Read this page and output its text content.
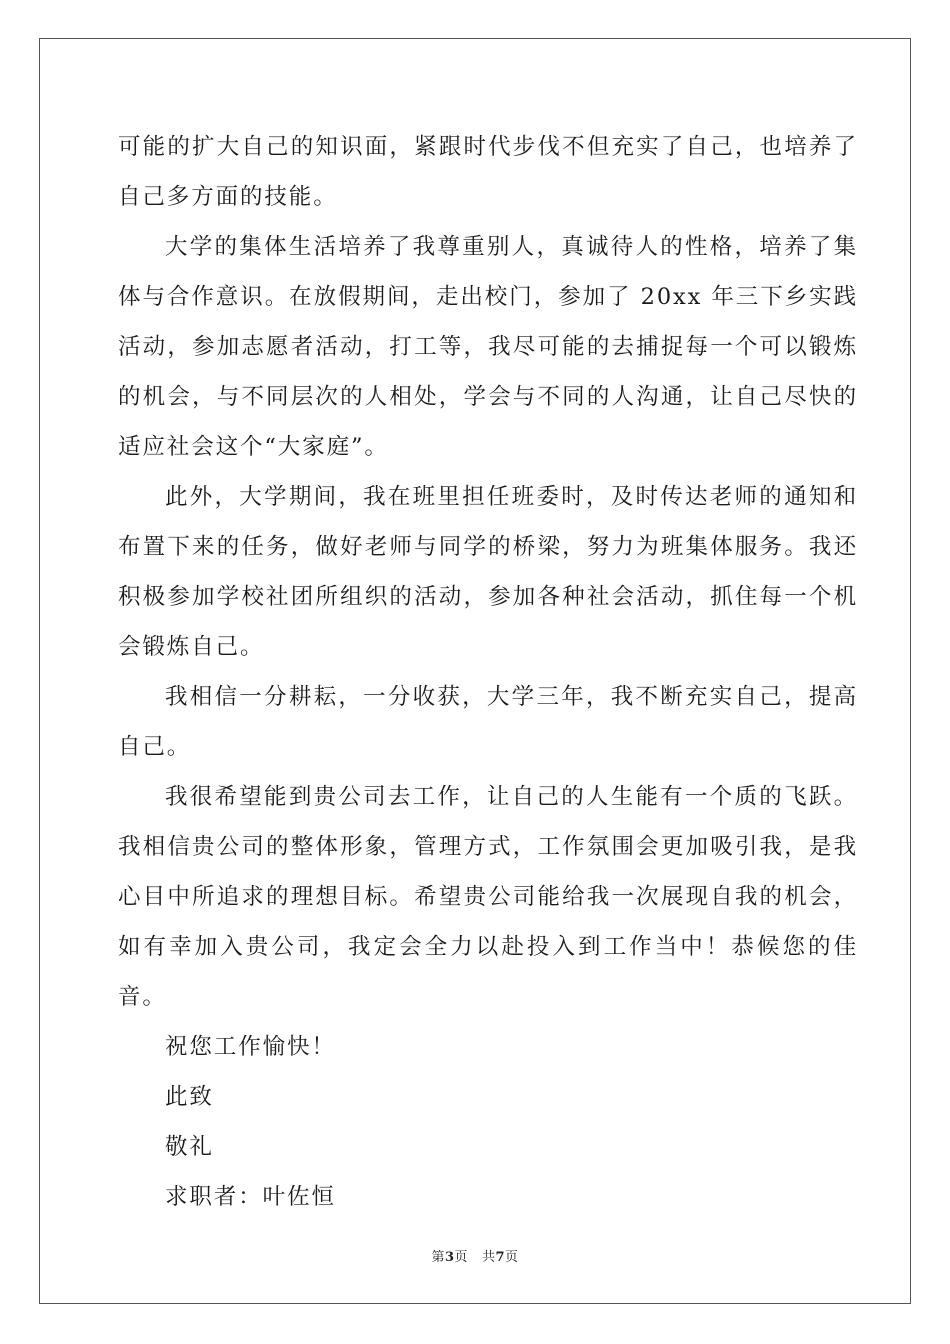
可能的扩大自己的知识面，紧跟时代步伐不但充实了自己，也培养了自己多方面的技能。

大学的集体生活培养了我尊重别人，真诚待人的性格，培养了集体与合作意识。在放假期间，走出校门，参加了 20xx 年三下乡实践活动，参加志愿者活动，打工等，我尽可能的去捕捉每一个可以锻炼的机会，与不同层次的人相处，学会与不同的人沟通，让自己尽快的适应社会这个“大家庭”。

此外，大学期间，我在班里担任班委时，及时传达老师的通知和布置下来的任务，做好老师与同学的桥梁，努力为班集体服务。我还积极参加学校社团所组织的活动，参加各种社会活动，抓住每一个机会锻炼自己。

我相信一分耕耘，一分收获，大学三年，我不断充实自己，提高自己。

我很希望能到贵公司去工作，让自己的人生能有一个质的飞跃。我相信贵公司的整体形象，管理方式，工作氛围会更加吸引我，是我心目中所追求的理想目标。希望贵公司能给我一次展现自我的机会，如有幸加入贵公司，我定会全力以赴投入到工作当中！恭候您的佳音。

祝您工作愉快！

此致

敬礼

求职者：叶佐恒

第3页 共7页
